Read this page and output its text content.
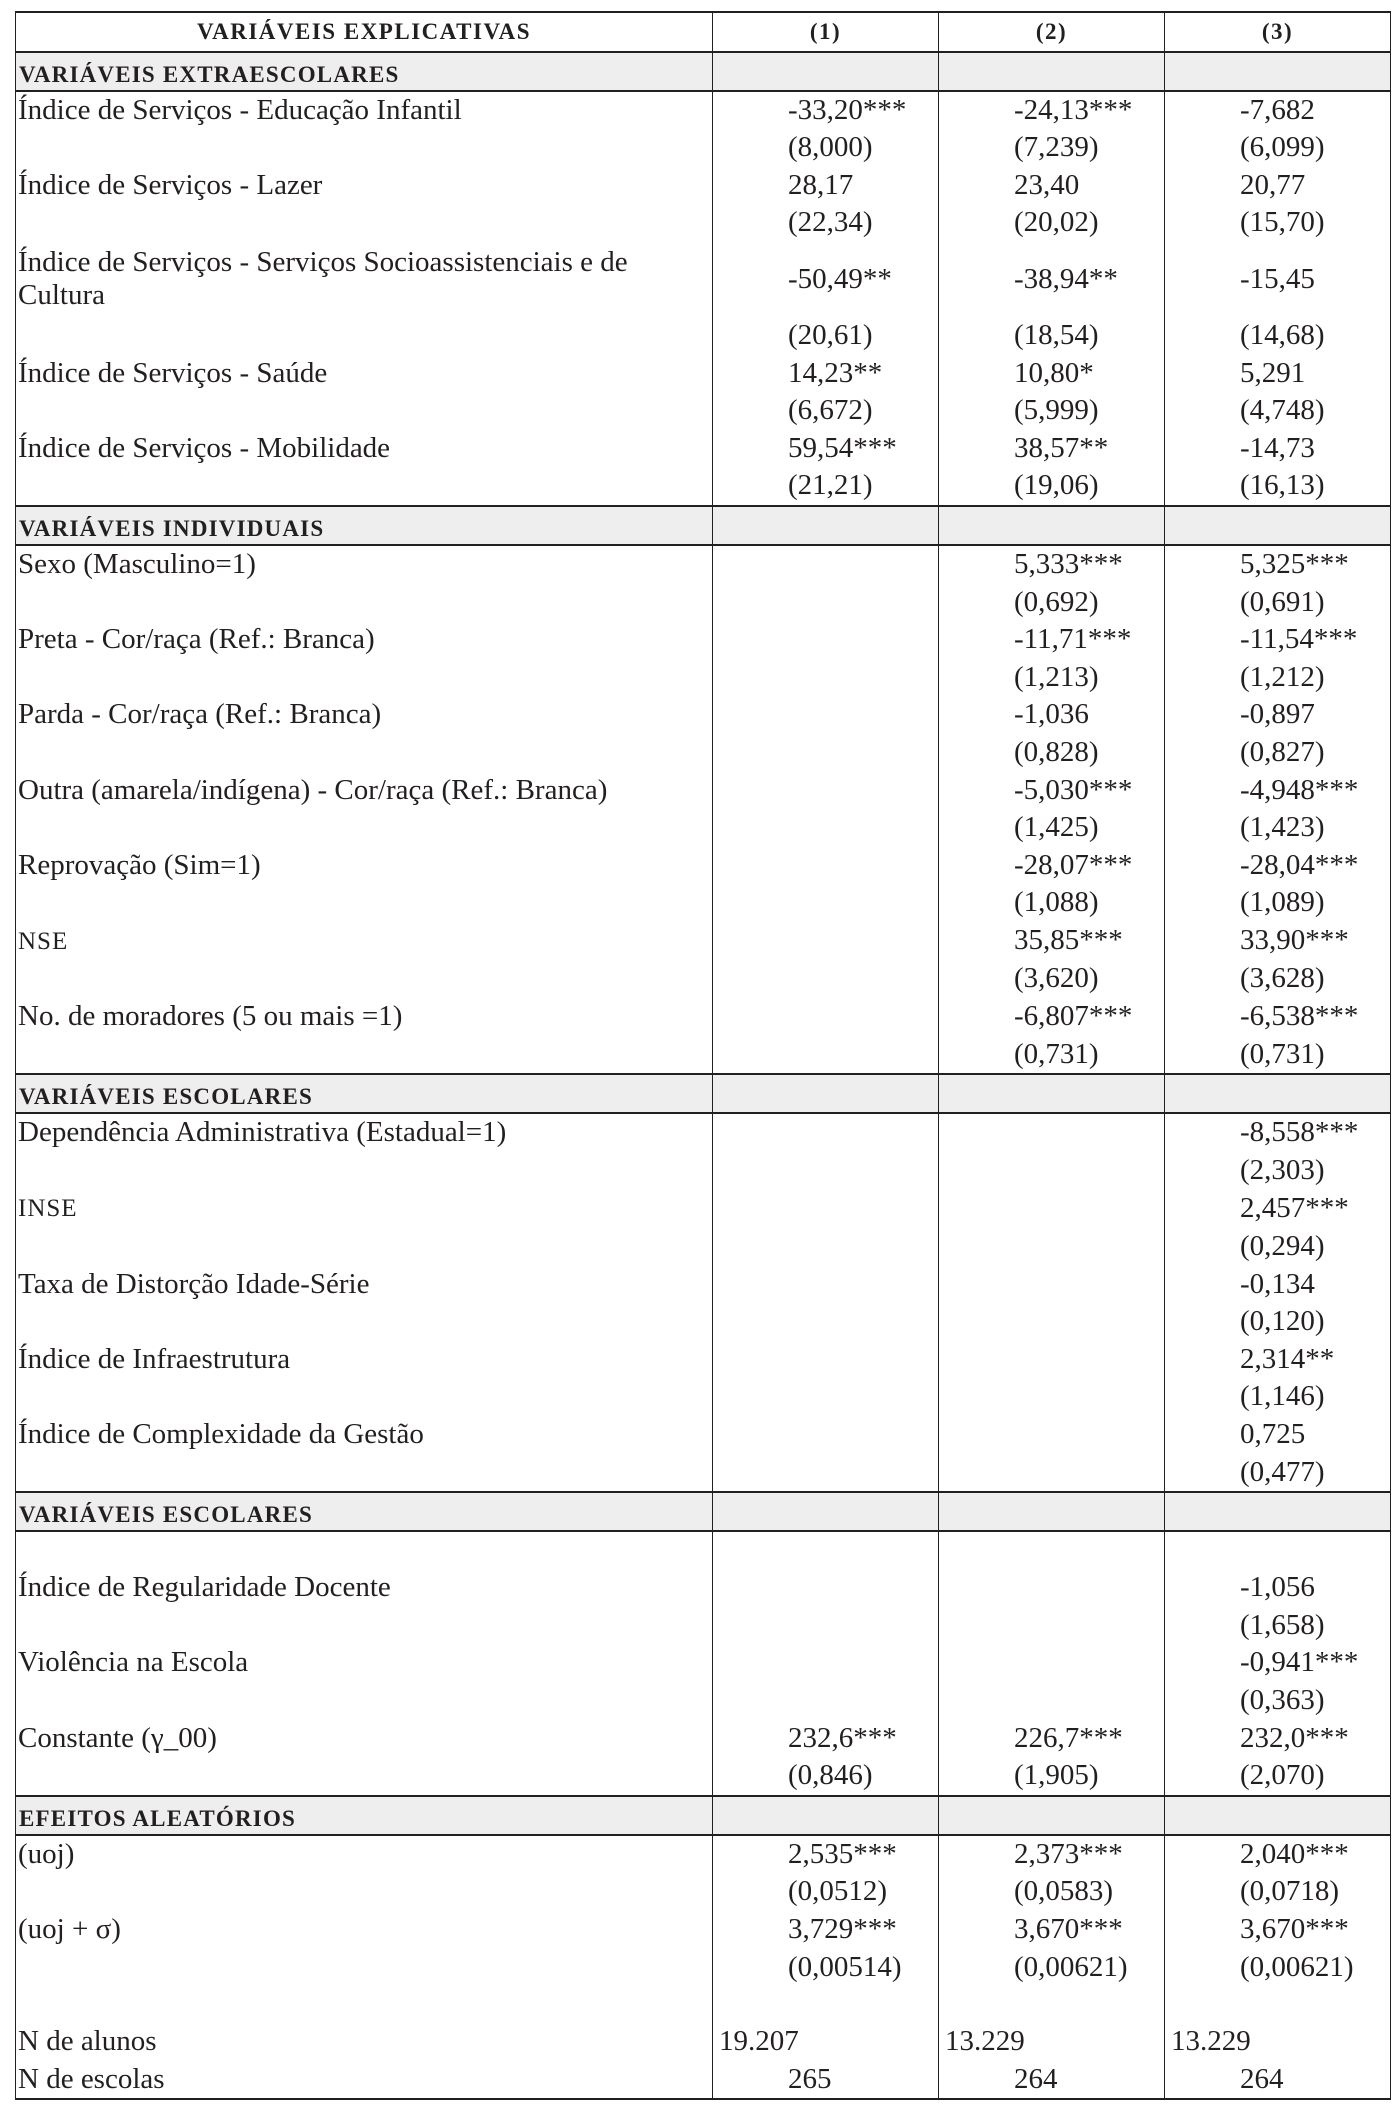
VARIÁVEIS EXPLICATIVAS	(1)	(2)	(3)
VARIÁVEIS EXTRAESCOLARES			
Índice de Serviços - Educação Infantil	-33,20***	-24,13***	-7,682
	(8,000)	(7,239)	(6,099)
Índice de Serviços - Lazer	28,17	23,40	20,77
	(22,34)	(20,02)	(15,70)
Índice de Serviços - Serviços Socioassistenciais e de Cultura	-50,49**	-38,94**	-15,45
	(20,61)	(18,54)	(14,68)
Índice de Serviços - Saúde	14,23**	10,80*	5,291
	(6,672)	(5,999)	(4,748)
Índice de Serviços - Mobilidade	59,54***	38,57**	-14,73
	(21,21)	(19,06)	(16,13)
VARIÁVEIS INDIVIDUAIS			
Sexo (Masculino=1)		5,333***	5,325***
		(0,692)	(0,691)
Preta - Cor/raça (Ref.: Branca)		-11,71***	-11,54***
		(1,213)	(1,212)
Parda - Cor/raça (Ref.: Branca)		-1,036	-0,897
		(0,828)	(0,827)
Outra (amarela/indígena) - Cor/raça (Ref.: Branca)		-5,030***	-4,948***
		(1,425)	(1,423)
Reprovação (Sim=1)		-28,07***	-28,04***
		(1,088)	(1,089)
NSE		35,85***	33,90***
		(3,620)	(3,628)
No. de moradores (5 ou mais =1)		-6,807***	-6,538***
		(0,731)	(0,731)
VARIÁVEIS ESCOLARES			
Dependência Administrativa (Estadual=1)			-8,558***
			(2,303)
INSE			2,457***
			(0,294)
Taxa de Distorção Idade-Série			-0,134
			(0,120)
Índice de Infraestrutura			2,314**
			(1,146)
Índice de Complexidade da Gestão			0,725
			(0,477)
VARIÁVEIS ESCOLARES			

Índice de Regularidade Docente			-1,056
			(1,658)
Violência na Escola			-0,941***
			(0,363)
Constante (γ_00)	232,6***	226,7***	232,0***
	(0,846)	(1,905)	(2,070)
EFEITOS ALEATÓRIOS			
(uoj)	2,535***	2,373***	2,040***
	(0,0512)	(0,0583)	(0,0718)
(uoj + σ)	3,729***	3,670***	3,670***
	(0,00514)	(0,00621)	(0,00621)

N de alunos	19.207	13.229	13.229
N de escolas	265	264	264
